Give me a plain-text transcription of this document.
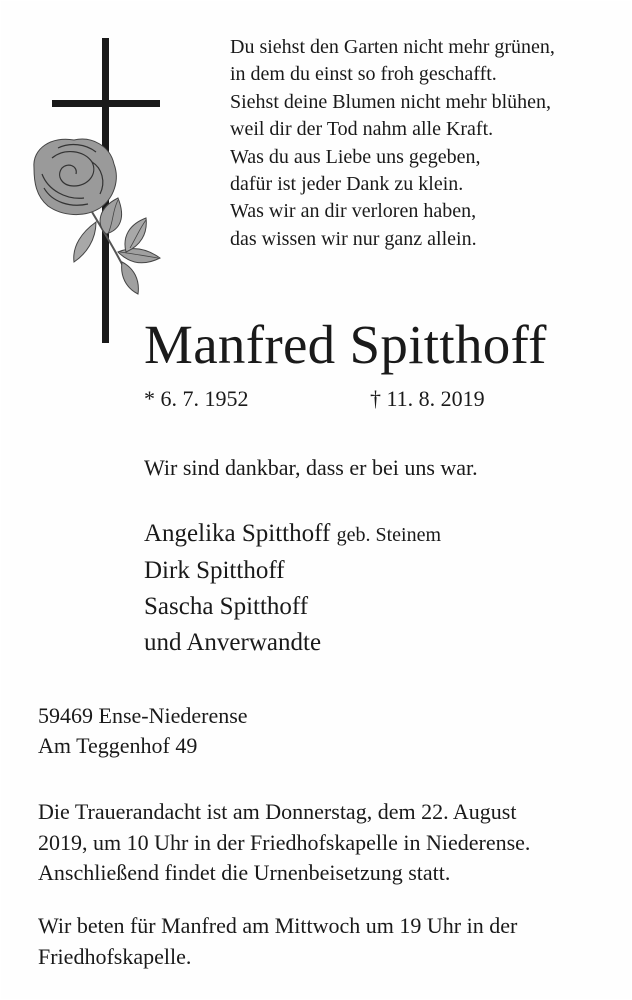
Du siehst den Garten nicht mehr grünen,
in dem du einst so froh geschafft.
Siehst deine Blumen nicht mehr blühen,
weil dir der Tod nahm alle Kraft.
Was du aus Liebe uns gegeben,
dafür ist jeder Dank zu klein.
Was wir an dir verloren haben,
das wissen wir nur ganz allein.
Manfred Spitthoff
* 6. 7. 1952	† 11. 8. 2019
Wir sind dankbar, dass er bei uns war.
Angelika Spitthoff geb. Steinem
Dirk Spitthoff
Sascha Spitthoff
und Anverwandte
59469 Ense-Niederense
Am Teggenhof 49
Die Trauerandacht ist am Donnerstag, dem 22. August
2019, um 10 Uhr in der Friedhofskapelle in Niederense.
Anschließend findet die Urnenbeisetzung statt.
Wir beten für Manfred am Mittwoch um 19 Uhr in der
Friedhofskapelle.
